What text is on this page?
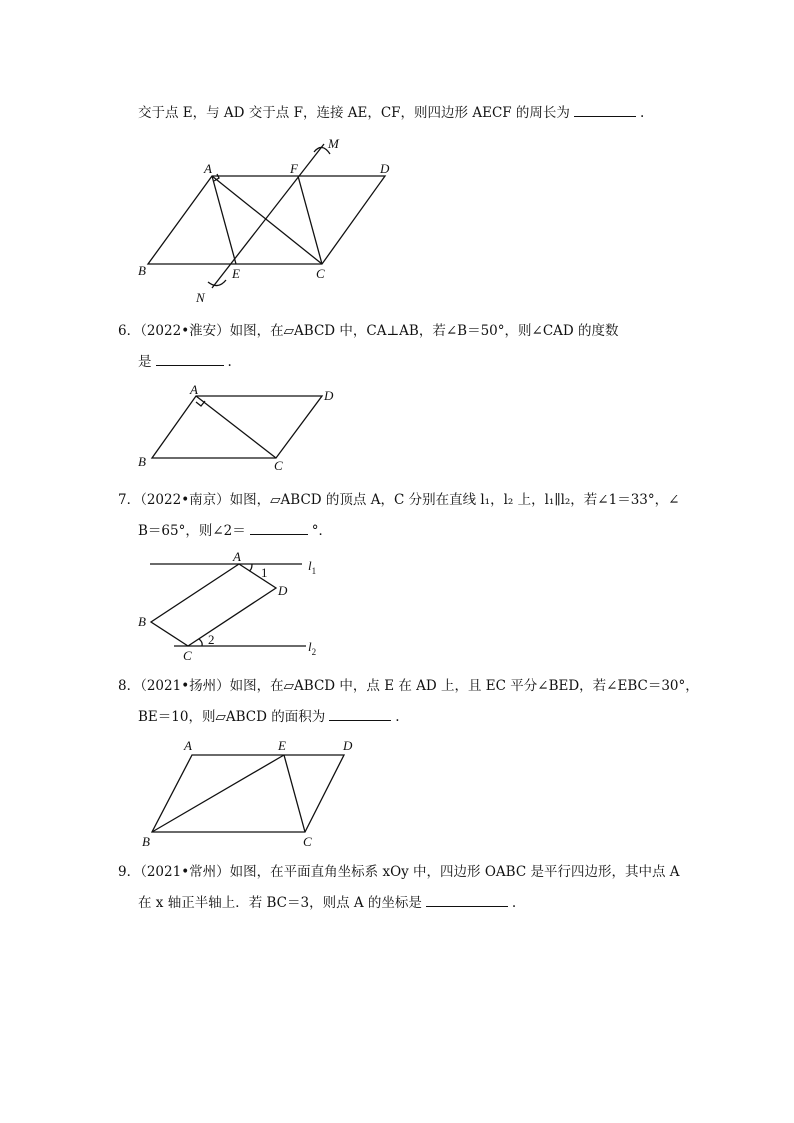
交于点 E，与 AD 交于点 F，连接 AE，CF，则四边形 AECF 的周长为	.
A
B	C
D
E
F
M
N
6．（2022•淮安）如图，在▱ABCD 中，CA⊥AB，若∠B＝50°，则∠CAD 的度数
是	.
A
B	C
D
7．（2022•南京）如图，▱ABCD 的顶点 A，C 分别在直线 l₁，l₂ 上，l₁∥l₂，若∠1＝33°，∠
B＝65°，则∠2＝	°．
A
B
C
D
1
2
$l_1$
$l_2$
8．（2021•扬州）如图，在▱ABCD 中，点 E 在 AD 上，且 EC 平分∠BED，若∠EBC＝30°，
BE＝10，则▱ABCD 的面积为	.
A
B	C
D
E
9．（2021•常州）如图，在平面直角坐标系 xOy 中，四边形 OABC 是平行四边形，其中点 A
在 x 轴正半轴上．若 BC＝3，则点 A 的坐标是	.
